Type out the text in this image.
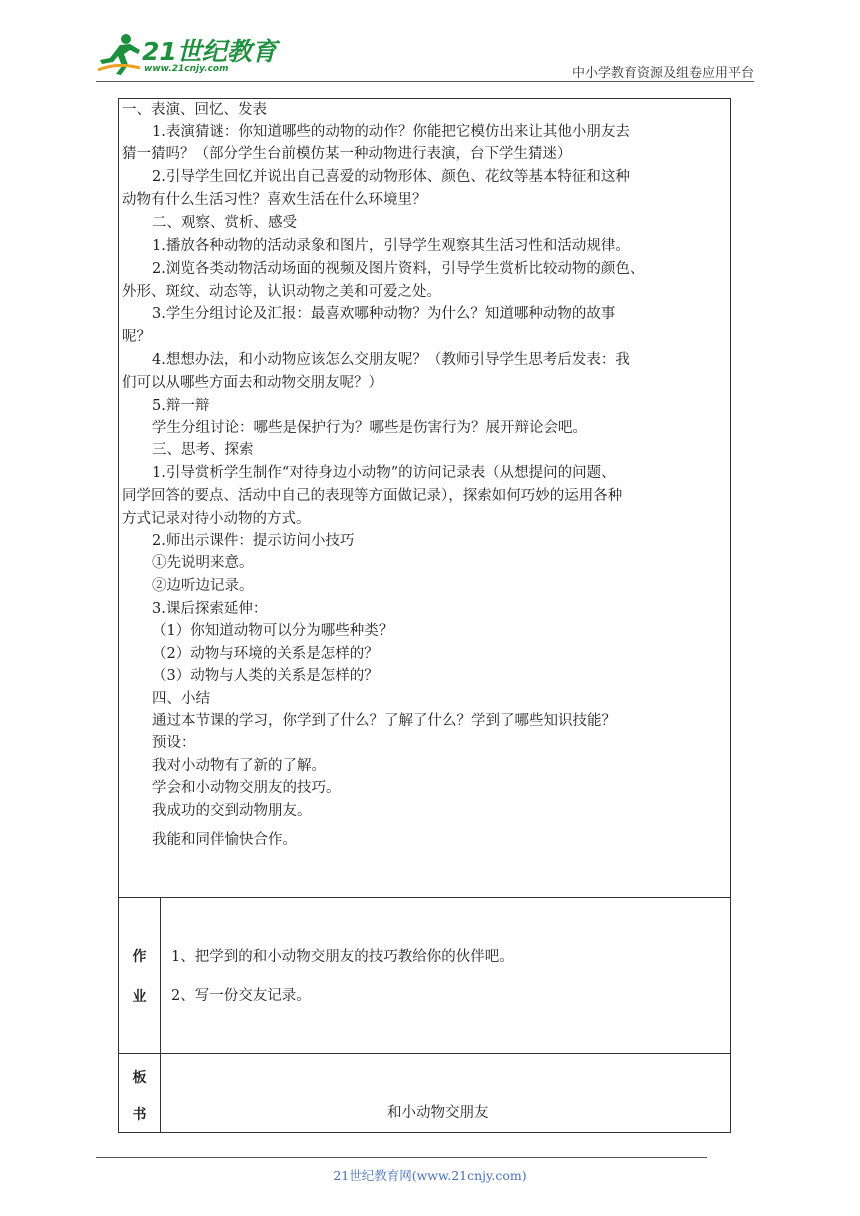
21世纪教育
www.21cnjy.com	中小学教育资源及组卷应用平台
一、表演、回忆、发表
1.表演猜谜：你知道哪些的动物的动作？你能把它模仿出来让其他小朋友去
猜一猜吗？（部分学生台前模仿某一种动物进行表演，台下学生猜迷）
2.引导学生回忆并说出自己喜爱的动物形体、颜色、花纹等基本特征和这种
动物有什么生活习性？喜欢生活在什么环境里？
二、观察、赏析、感受
1.播放各种动物的活动录象和图片，引导学生观察其生活习性和活动规律。
2.浏览各类动物活动场面的视频及图片资料，引导学生赏析比较动物的颜色、
外形、斑纹、动态等，认识动物之美和可爱之处。
3.学生分组讨论及汇报：最喜欢哪种动物？为什么？知道哪种动物的故事
呢？
4.想想办法，和小动物应该怎么交朋友呢？（教师引导学生思考后发表：我
们可以从哪些方面去和动物交朋友呢？）
5.辩一辩
学生分组讨论：哪些是保护行为？哪些是伤害行为？展开辩论会吧。
三、思考、探索
1.引导赏析学生制作“对待身边小动物”的访问记录表（从想提问的问题、
同学回答的要点、活动中自己的表现等方面做记录），探索如何巧妙的运用各种
方式记录对待小动物的方式。
2.师出示课件：提示访问小技巧
①先说明来意。
②边听边记录。
3.课后探索延伸：
（1）你知道动物可以分为哪些种类？
（2）动物与环境的关系是怎样的？
（3）动物与人类的关系是怎样的？
四、小结
通过本节课的学习，你学到了什么？了解了什么？学到了哪些知识技能？
预设：
我对小动物有了新的了解。
学会和小动物交朋友的技巧。
我成功的交到动物朋友。
我能和同伴愉快合作。
作
业
1、把学到的和小动物交朋友的技巧教给你的伙伴吧。
2、写一份交友记录。
板
书	和小动物交朋友
21世纪教育网(www.21cnjy.com)
